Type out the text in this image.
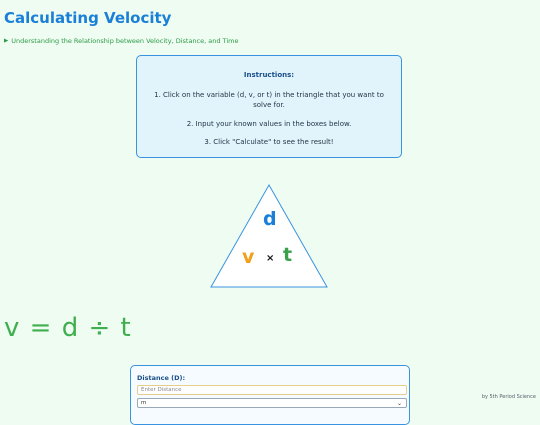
Calculating Velocity
▶ Understanding the Relationship between Velocity, Distance, and Time
Instructions:
1. Click on the variable (d, v, or t) in the triangle that you want to solve for.
2. Input your known values in the boxes below.
3. Click "Calculate" to see the result!
d
v × t
v = d ÷ t
Distance (D):
Enter Distance
m	⌄
by 5th Period Science
